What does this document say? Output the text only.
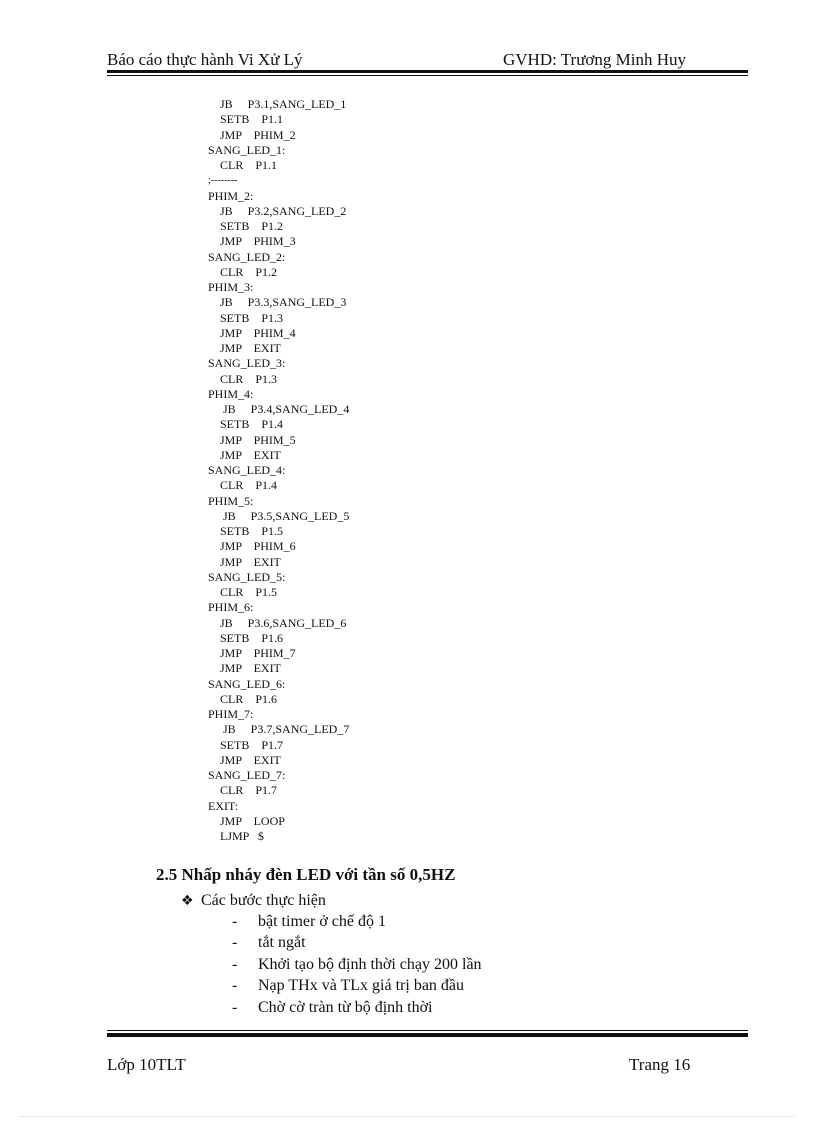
Báo cáo thực hành Vi Xử Lý	GVHD: Trương Minh Huy
JB     P3.1,SANG_LED_1
SETB    P1.1
JMP    PHIM_2
SANG_LED_1:
CLR    P1.1
;--------
PHIM_2:
JB     P3.2,SANG_LED_2
SETB    P1.2
JMP    PHIM_3
SANG_LED_2:
CLR    P1.2
PHIM_3:
JB     P3.3,SANG_LED_3
SETB    P1.3
JMP    PHIM_4
JMP    EXIT
SANG_LED_3:
CLR    P1.3
PHIM_4:
JB     P3.4,SANG_LED_4
SETB    P1.4
JMP    PHIM_5
JMP    EXIT
SANG_LED_4:
CLR    P1.4
PHIM_5:
JB     P3.5,SANG_LED_5
SETB    P1.5
JMP    PHIM_6
JMP    EXIT
SANG_LED_5:
CLR    P1.5
PHIM_6:
JB     P3.6,SANG_LED_6
SETB    P1.6
JMP    PHIM_7
JMP    EXIT
SANG_LED_6:
CLR    P1.6
PHIM_7:
JB     P3.7,SANG_LED_7
SETB    P1.7
JMP    EXIT
SANG_LED_7:
CLR    P1.7
EXIT:
JMP    LOOP
LJMP   $
2.5 Nhấp nháy đèn LED với tần số 0,5HZ
❖ Các bước thực hiện
- bật timer ở chế độ 1
- tắt ngắt
- Khởi tạo bộ định thời chạy 200 lần
- Nạp THx và TLx giá trị ban đầu
- Chờ cờ tràn từ bộ định thời
Lớp 10TLT	Trang 16
